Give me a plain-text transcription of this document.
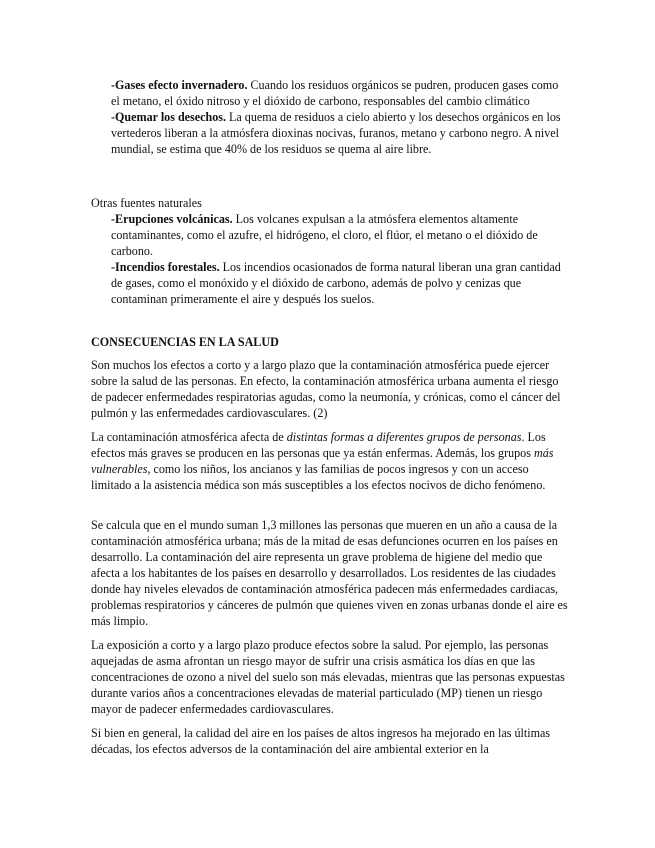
-Gases efecto invernadero. Cuando los residuos orgánicos se pudren, producen gases como el metano, el óxido nitroso y el dióxido de carbono, responsables del cambio climático

-Quemar los desechos. La quema de residuos a cielo abierto y los desechos orgánicos en los vertederos liberan a la atmósfera dioxinas nocivas, furanos, metano y carbono negro. A nivel mundial, se estima que 40% de los residuos se quema al aire libre.

Otras fuentes naturales

-Erupciones volcánicas. Los volcanes expulsan a la atmósfera elementos altamente contaminantes, como el azufre, el hidrógeno, el cloro, el flúor, el metano o el dióxido de carbono.

-Incendios forestales. Los incendios ocasionados de forma natural liberan una gran cantidad de gases, como el monóxido y el dióxido de carbono, además de polvo y cenizas que contaminan primeramente el aire y después los suelos.

CONSECUENCIAS EN LA SALUD

Son muchos los efectos a corto y a largo plazo que la contaminación atmosférica puede ejercer sobre la salud de las personas. En efecto, la contaminación atmosférica urbana aumenta el riesgo de padecer enfermedades respiratorias agudas, como la neumonía, y crónicas, como el cáncer del pulmón y las enfermedades cardiovasculares. (2)

La contaminación atmosférica afecta de distintas formas a diferentes grupos de personas. Los efectos más graves se producen en las personas que ya están enfermas. Además, los grupos más vulnerables, como los niños, los ancianos y las familias de pocos ingresos y con un acceso limitado a la asistencia médica son más susceptibles a los efectos nocivos de dicho fenómeno.

Se calcula que en el mundo suman 1,3 millones las personas que mueren en un año a causa de la contaminación atmosférica urbana; más de la mitad de esas defunciones ocurren en los países en desarrollo. La contaminación del aire representa un grave problema de higiene del medio que afecta a los habitantes de los países en desarrollo y desarrollados. Los residentes de las ciudades donde hay niveles elevados de contaminación atmosférica padecen más enfermedades cardiacas, problemas respiratorios y cánceres de pulmón que quienes viven en zonas urbanas donde el aire es más limpio.

La exposición a corto y a largo plazo produce efectos sobre la salud. Por ejemplo, las personas aquejadas de asma afrontan un riesgo mayor de sufrir una crisis asmática los días en que las concentraciones de ozono a nivel del suelo son más elevadas, mientras que las personas expuestas durante varios años a concentraciones elevadas de material particulado (MP) tienen un riesgo mayor de padecer enfermedades cardiovasculares.

Si bien en general, la calidad del aire en los países de altos ingresos ha mejorado en las últimas décadas, los efectos adversos de la contaminación del aire ambiental exterior en la
